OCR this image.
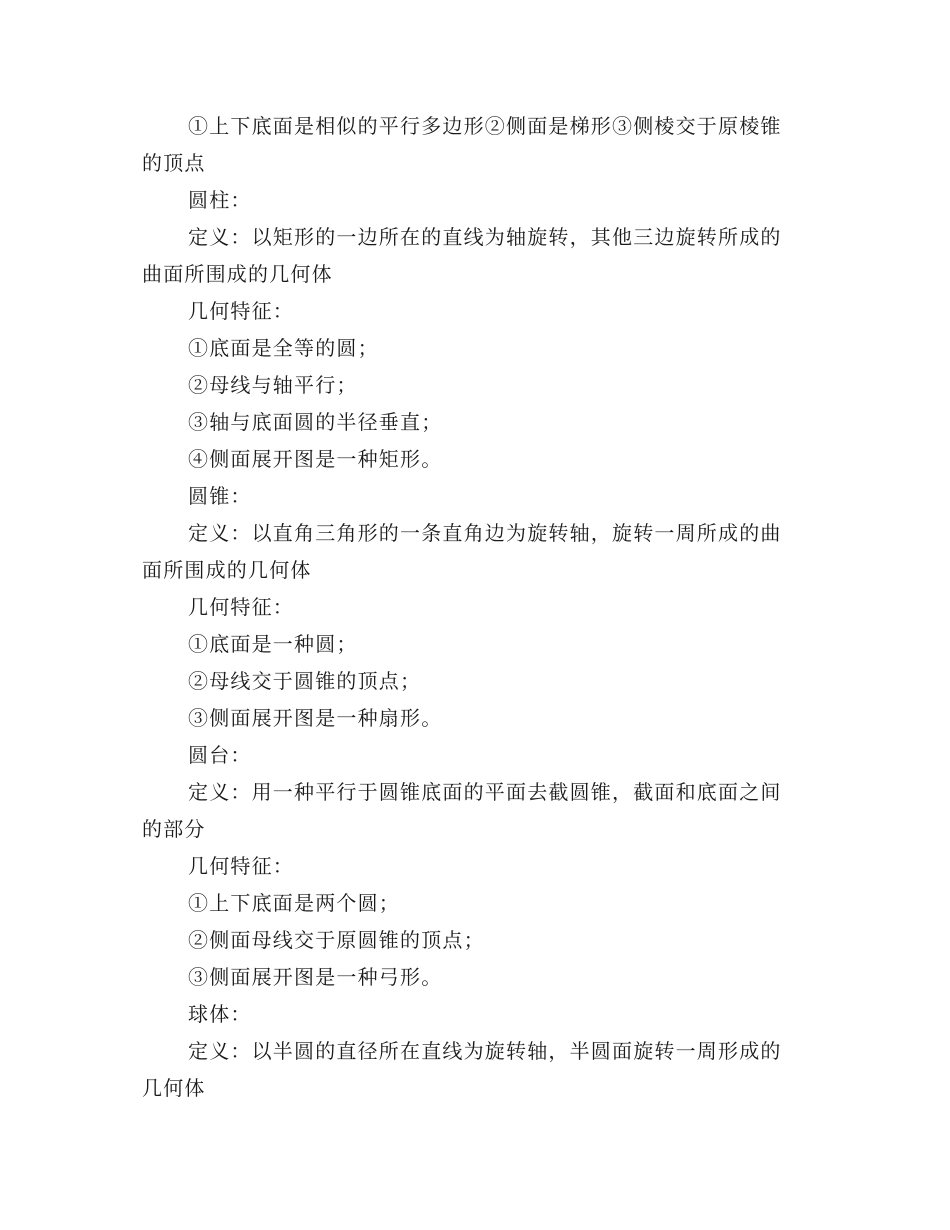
①上下底面是相似的平行多边形②侧面是梯形③侧棱交于原棱锥的顶点

圆柱：

定义：以矩形的一边所在的直线为轴旋转，其他三边旋转所成的曲面所围成的几何体

几何特征：

①底面是全等的圆；

②母线与轴平行；

③轴与底面圆的半径垂直；

④侧面展开图是一种矩形。

圆锥：

定义：以直角三角形的一条直角边为旋转轴，旋转一周所成的曲面所围成的几何体

几何特征：

①底面是一种圆；

②母线交于圆锥的顶点；

③侧面展开图是一种扇形。

圆台：

定义：用一种平行于圆锥底面的平面去截圆锥，截面和底面之间的部分

几何特征：

①上下底面是两个圆；

②侧面母线交于原圆锥的顶点；

③侧面展开图是一种弓形。

球体：

定义：以半圆的直径所在直线为旋转轴，半圆面旋转一周形成的几何体
